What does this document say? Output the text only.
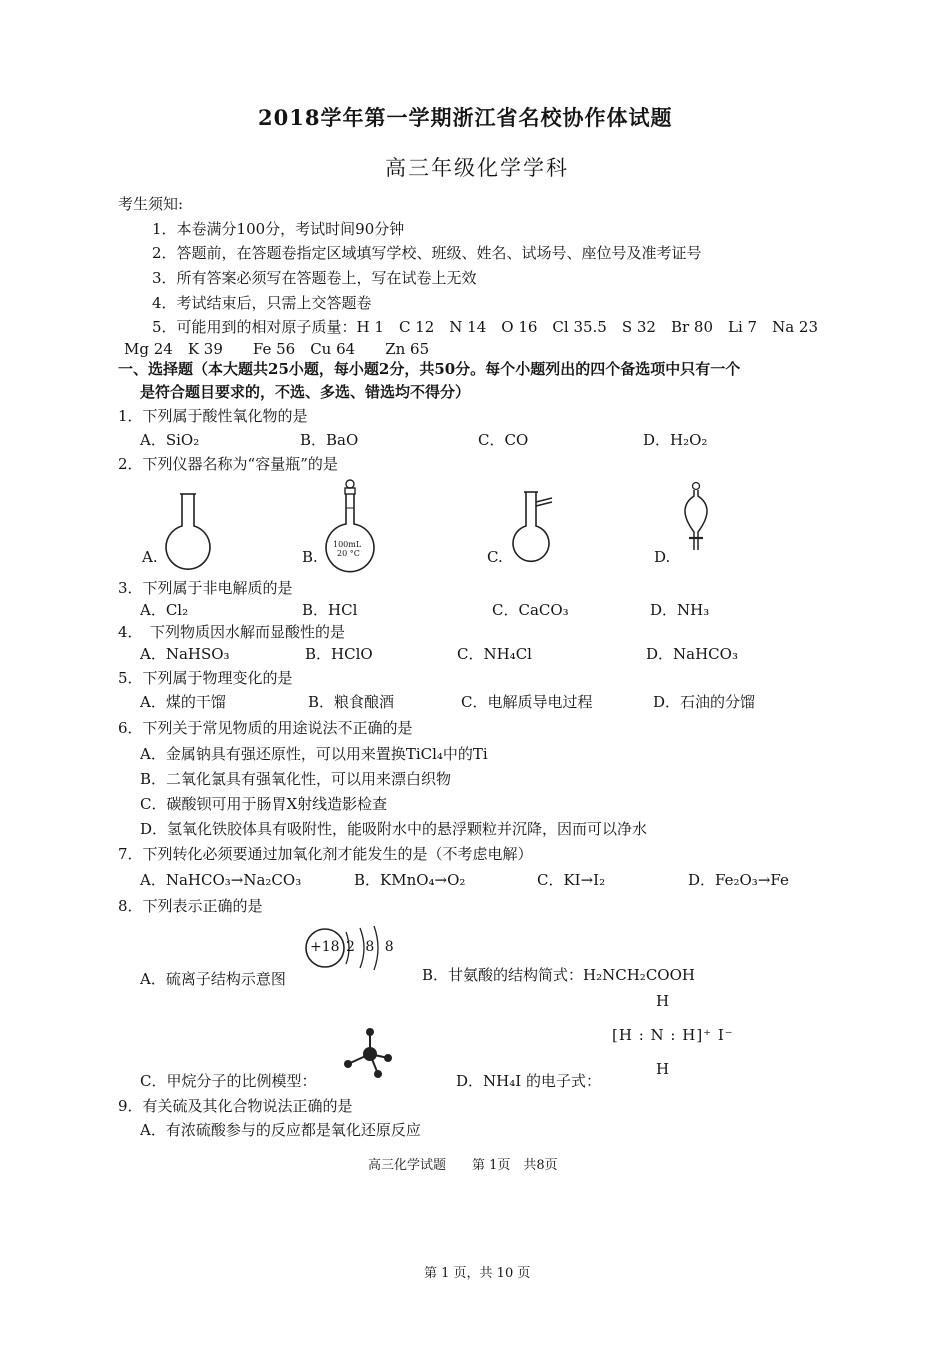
2018学年第一学期浙江省名校协作体试题
高三年级化学学科
考生须知:
1．本卷满分100分，考试时间90分钟
2．答题前，在答题卷指定区域填写学校、班级、姓名、试场号、座位号及准考证号
3．所有答案必须写在答题卷上，写在试卷上无效
4．考试结束后，只需上交答题卷
5．可能用到的相对原子质量：H 1　C 12　N 14　O 16　Cl 35.5　S 32　Br 80　Li 7　Na 23
Mg 24　K 39　　Fe 56　Cu 64　　Zn 65
一、选择题（本大题共25小题，每小题2分，共50分。每个小题列出的四个备选项中只有一个
是符合题目要求的，不选、多选、错选均不得分）
1．下列属于酸性氧化物的是
A．SiO₂	B．BaO	C．CO	D．H₂O₂
2．下列仪器名称为“容量瓶”的是
A.
100mL
20 °C
B.	C.	D.
3．下列属于非电解质的是
A．Cl₂	B．HCl	C．CaCO₃	D．NH₃
4．　下列物质因水解而显酸性的是
A．NaHSO₃	B．HClO	C．NH₄Cl	D．NaHCO₃
5．下列属于物理变化的是
A．煤的干馏	B．粮食酿酒	C．电解质导电过程	D．石油的分馏
6．下列关于常见物质的用途说法不正确的是
A．金属钠具有强还原性，可以用来置换TiCl₄中的Ti
B．二氧化氯具有强氧化性，可以用来漂白织物
C．碳酸钡可用于肠胃X射线造影检查
D．氢氧化铁胶体具有吸附性，能吸附水中的悬浮颗粒并沉降，因而可以净水
7．下列转化必须要通过加氧化剂才能发生的是（不考虑电解）
A．NaHCO₃→Na₂CO₃	B．KMnO₄→O₂	C．KI→I₂	D．Fe₂O₃→Fe
8．下列表示正确的是
+18 2 8 8
A．硫离子结构示意图	B．甘氨酸的结构简式：H₂NCH₂COOH
C．甲烷分子的比例模型：
H
[H : N : H]⁺ I⁻
H
D．NH₄I 的电子式：
9．有关硫及其化合物说法正确的是
A．有浓硫酸参与的反应都是氧化还原反应
高三化学试题　　第 1页　共8页
第 1 页，共 10 页
